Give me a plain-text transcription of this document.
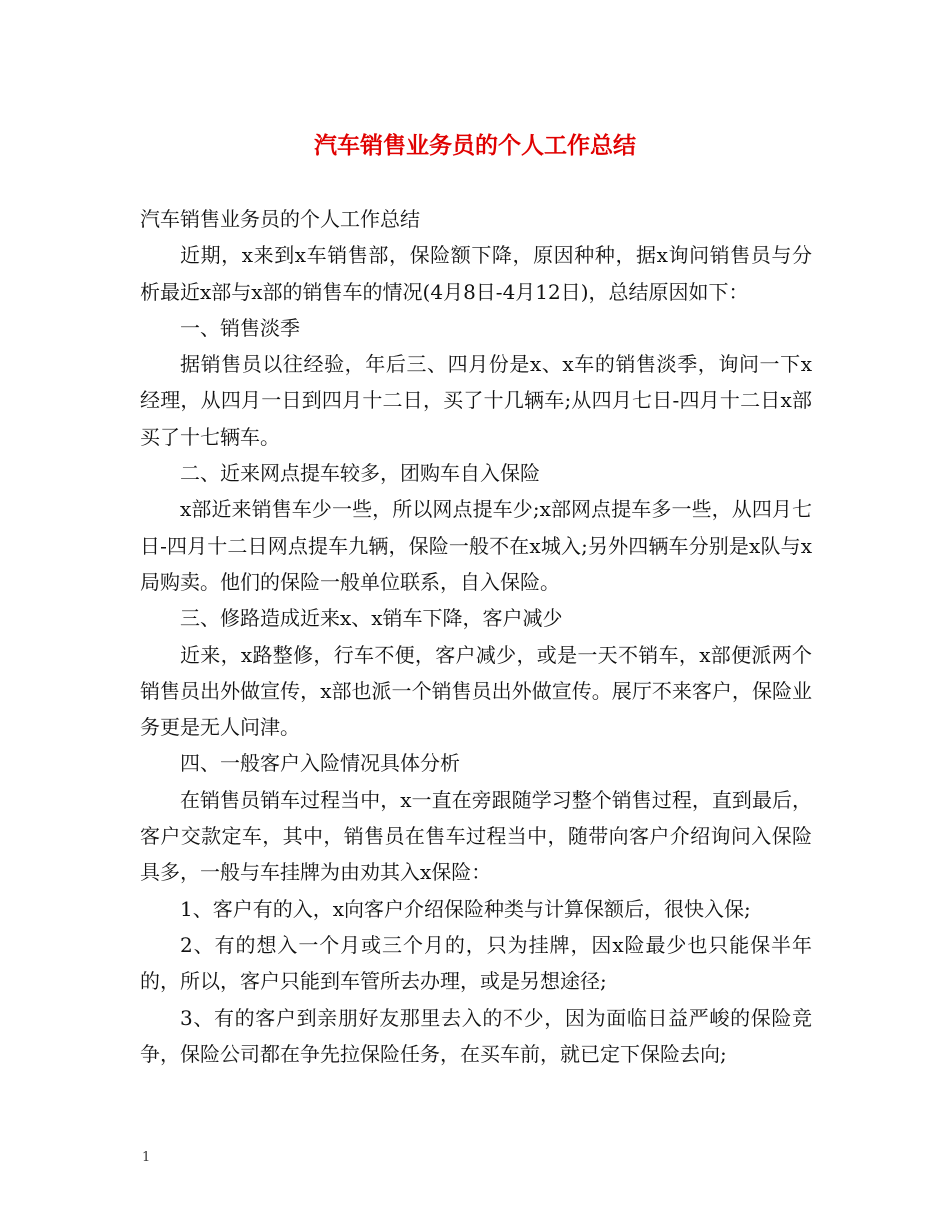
汽车销售业务员的个人工作总结

汽车销售业务员的个人工作总结

近期，x来到x车销售部，保险额下降，原因种种，据x询问销售员与分析最近x部与x部的销售车的情况(4月8日-4月12日)，总结原因如下：

一、销售淡季

据销售员以往经验，年后三、四月份是x、x车的销售淡季，询问一下x经理，从四月一日到四月十二日，买了十几辆车;从四月七日-四月十二日x部买了十七辆车。

二、近来网点提车较多，团购车自入保险

x部近来销售车少一些，所以网点提车少;x部网点提车多一些，从四月七日-四月十二日网点提车九辆，保险一般不在x城入;另外四辆车分别是x队与x局购卖。他们的保险一般单位联系，自入保险。

三、修路造成近来x、x销车下降，客户减少

近来，x路整修，行车不便，客户减少，或是一天不销车，x部便派两个销售员出外做宣传，x部也派一个销售员出外做宣传。展厅不来客户，保险业务更是无人问津。

四、一般客户入险情况具体分析

在销售员销车过程当中，x一直在旁跟随学习整个销售过程，直到最后，客户交款定车，其中，销售员在售车过程当中，随带向客户介绍询问入保险具多，一般与车挂牌为由劝其入x保险：

1、客户有的入，x向客户介绍保险种类与计算保额后，很快入保;

2、有的想入一个月或三个月的，只为挂牌，因x险最少也只能保半年的，所以，客户只能到车管所去办理，或是另想途径;

3、有的客户到亲朋好友那里去入的不少，因为面临日益严峻的保险竞争，保险公司都在争先拉保险任务，在买车前，就已定下保险去向;

1
